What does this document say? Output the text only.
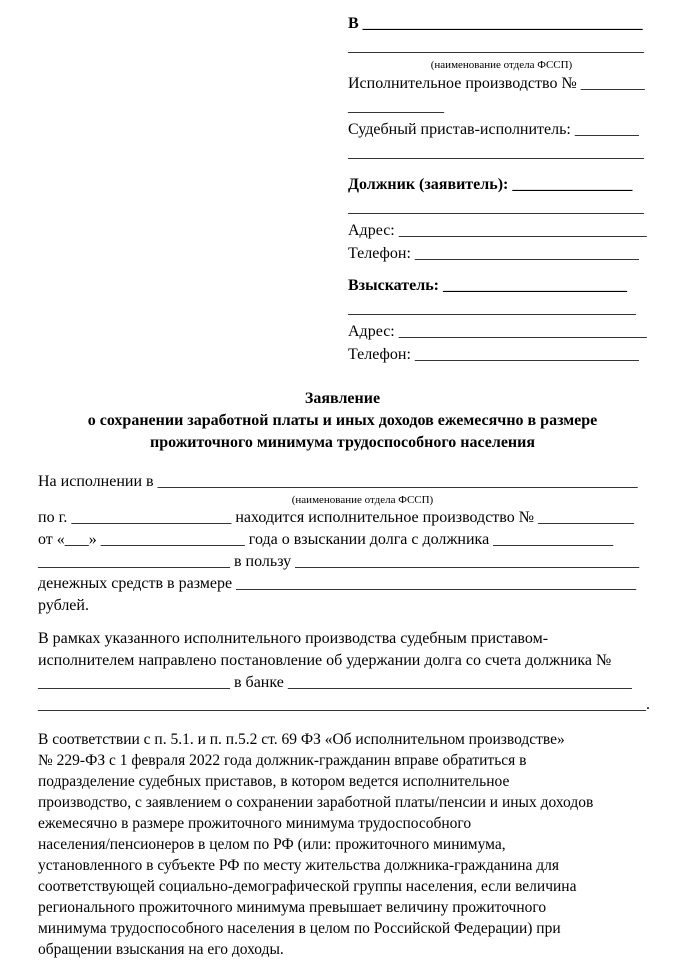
В ___________________________________
_____________________________________
(наименование отдела ФССП)
Исполнительное производство № ________
____________
Судебный пристав-исполнитель: ________
_____________________________________
Должник (заявитель): _______________
_____________________________________
Адрес: _______________________________
Телефон: ____________________________
Взыскатель: _______________________
____________________________________
Адрес: _______________________________
Телефон: ____________________________
Заявление
о сохранении заработной платы и иных доходов ежемесячно в размере
прожиточного минимума трудоспособного населения
На исполнении в ____________________________________________________________
(наименование отдела ФССП)
по г. ____________________ находится исполнительное производство № ____________
от «___» __________________ года о взыскании долга с должника _______________
________________________ в пользу ___________________________________________
денежных средств в размере __________________________________________________
рублей.
В рамках указанного исполнительного производства судебным приставом-
исполнителем направлено постановление об удержании долга со счета должника №
________________________ в банке ___________________________________________
____________________________________________________________________________.
В соответствии с п. 5.1. и п. п.5.2 ст. 69 ФЗ «Об исполнительном производстве»
№ 229-ФЗ с 1 февраля 2022 года должник-гражданин вправе обратиться в
подразделение судебных приставов, в котором ведется исполнительное
производство, с заявлением о сохранении заработной платы/пенсии и иных доходов
ежемесячно в размере прожиточного минимума трудоспособного
населения/пенсионеров в целом по РФ (или: прожиточного минимума,
установленного в субъекте РФ по месту жительства должника-гражданина для
соответствующей социально-демографической группы населения, если величина
регионального прожиточного минимума превышает величину прожиточного
минимума трудоспособного населения в целом по Российской Федерации) при
обращении взыскания на его доходы.
